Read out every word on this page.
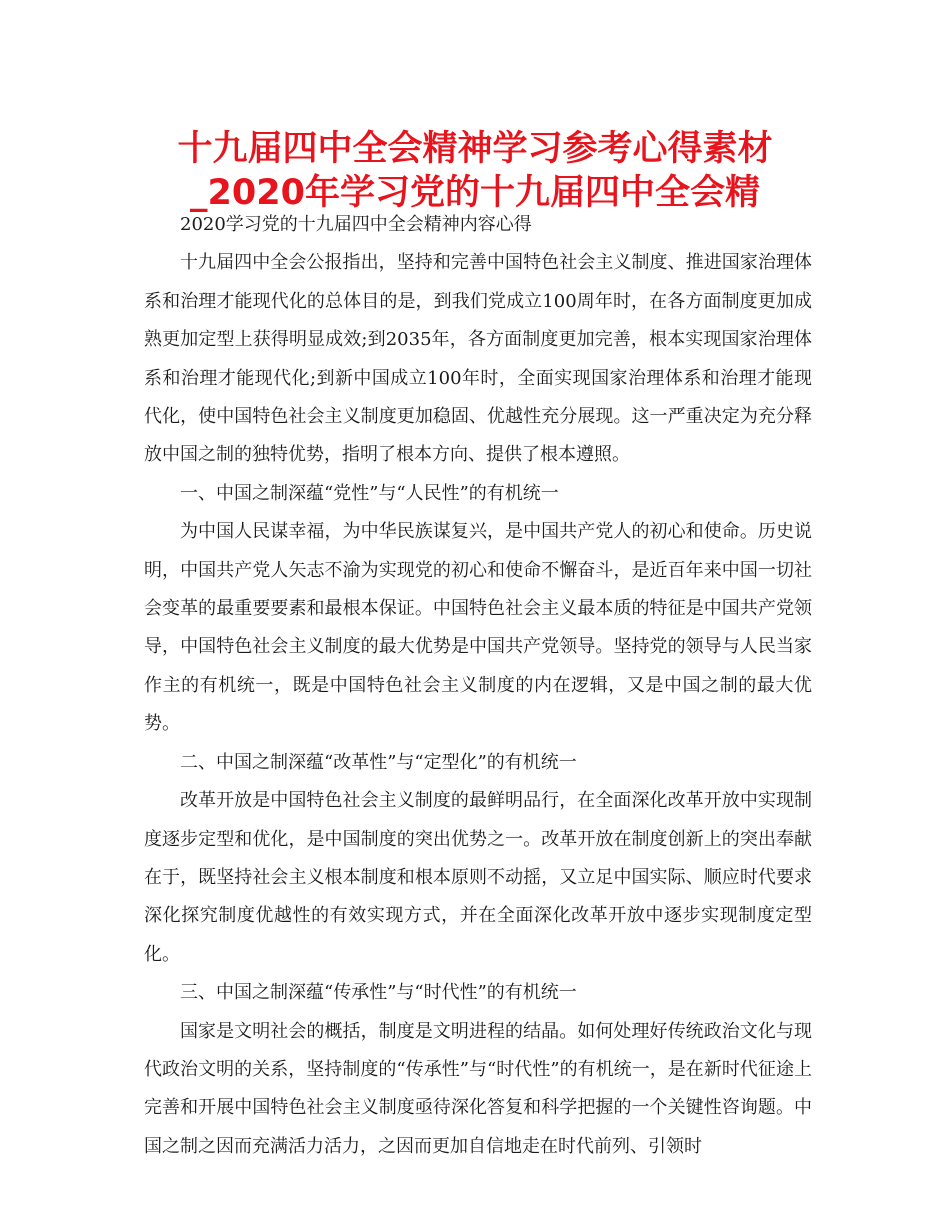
十九届四中全会精神学习参考心得素材
_2020年学习党的十九届四中全会精

2020学习党的十九届四中全会精神内容心得

十九届四中全会公报指出，坚持和完善中国特色社会主义制度、推进国家治理体系和治理才能现代化的总体目的是，到我们党成立100周年时，在各方面制度更加成熟更加定型上获得明显成效;到2035年，各方面制度更加完善，根本实现国家治理体系和治理才能现代化;到新中国成立100年时，全面实现国家治理体系和治理才能现代化，使中国特色社会主义制度更加稳固、优越性充分展现。这一严重决定为充分释放中国之制的独特优势，指明了根本方向、提供了根本遵照。

一、中国之制深蕴“党性”与“人民性”的有机统一

为中国人民谋幸福，为中华民族谋复兴，是中国共产党人的初心和使命。历史说明，中国共产党人矢志不渝为实现党的初心和使命不懈奋斗，是近百年来中国一切社会变革的最重要要素和最根本保证。中国特色社会主义最本质的特征是中国共产党领导，中国特色社会主义制度的最大优势是中国共产党领导。坚持党的领导与人民当家作主的有机统一，既是中国特色社会主义制度的内在逻辑，又是中国之制的最大优势。

二、中国之制深蕴“改革性”与“定型化”的有机统一

改革开放是中国特色社会主义制度的最鲜明品行，在全面深化改革开放中实现制度逐步定型和优化，是中国制度的突出优势之一。改革开放在制度创新上的突出奉献在于，既坚持社会主义根本制度和根本原则不动摇，又立足中国实际、顺应时代要求深化探究制度优越性的有效实现方式，并在全面深化改革开放中逐步实现制度定型化。

三、中国之制深蕴“传承性”与“时代性”的有机统一

国家是文明社会的概括，制度是文明进程的结晶。如何处理好传统政治文化与现代政治文明的关系，坚持制度的“传承性”与“时代性”的有机统一，是在新时代征途上完善和开展中国特色社会主义制度亟待深化答复和科学把握的一个关键性咨询题。中国之制之因而充满活力活力，之因而更加自信地走在时代前列、引领时
